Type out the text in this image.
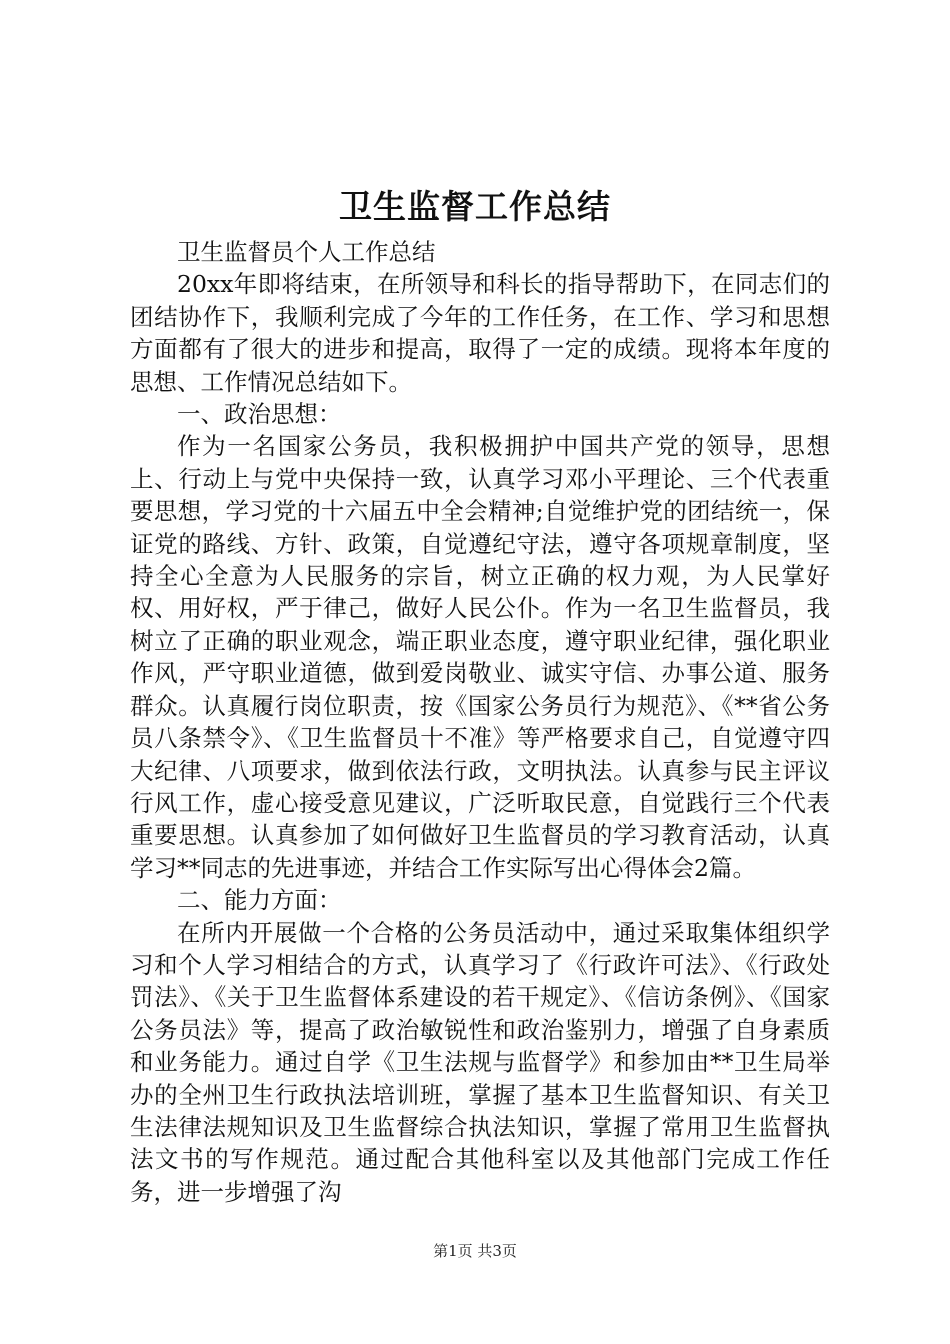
卫生监督工作总结

卫生监督员个人工作总结

20xx年即将结束，在所领导和科长的指导帮助下，在同志们的团结协作下，我顺利完成了今年的工作任务，在工作、学习和思想方面都有了很大的进步和提高，取得了一定的成绩。现将本年度的思想、工作情况总结如下。

一、政治思想：

作为一名国家公务员，我积极拥护中国共产党的领导，思想上、行动上与党中央保持一致，认真学习邓小平理论、三个代表重要思想，学习党的十六届五中全会精神;自觉维护党的团结统一，保证党的路线、方针、政策，自觉遵纪守法，遵守各项规章制度，坚持全心全意为人民服务的宗旨，树立正确的权力观，为人民掌好权、用好权，严于律己，做好人民公仆。作为一名卫生监督员，我树立了正确的职业观念，端正职业态度，遵守职业纪律，强化职业作风，严守职业道德，做到爱岗敬业、诚实守信、办事公道、服务群众。认真履行岗位职责，按《国家公务员行为规范》、《**省公务员八条禁令》、《卫生监督员十不准》等严格要求自己，自觉遵守四大纪律、八项要求，做到依法行政，文明执法。认真参与民主评议行风工作，虚心接受意见建议，广泛听取民意，自觉践行三个代表重要思想。认真参加了如何做好卫生监督员的学习教育活动，认真学习**同志的先进事迹，并结合工作实际写出心得体会2篇。

二、能力方面：

在所内开展做一个合格的公务员活动中，通过采取集体组织学习和个人学习相结合的方式，认真学习了《行政许可法》、《行政处罚法》、《关于卫生监督体系建设的若干规定》、《信访条例》、《国家公务员法》等，提高了政治敏锐性和政治鉴别力，增强了自身素质和业务能力。通过自学《卫生法规与监督学》和参加由**卫生局举办的全州卫生行政执法培训班，掌握了基本卫生监督知识、有关卫生法律法规知识及卫生监督综合执法知识，掌握了常用卫生监督执法文书的写作规范。通过配合其他科室以及其他部门完成工作任务，进一步增强了沟

第1页 共3页
